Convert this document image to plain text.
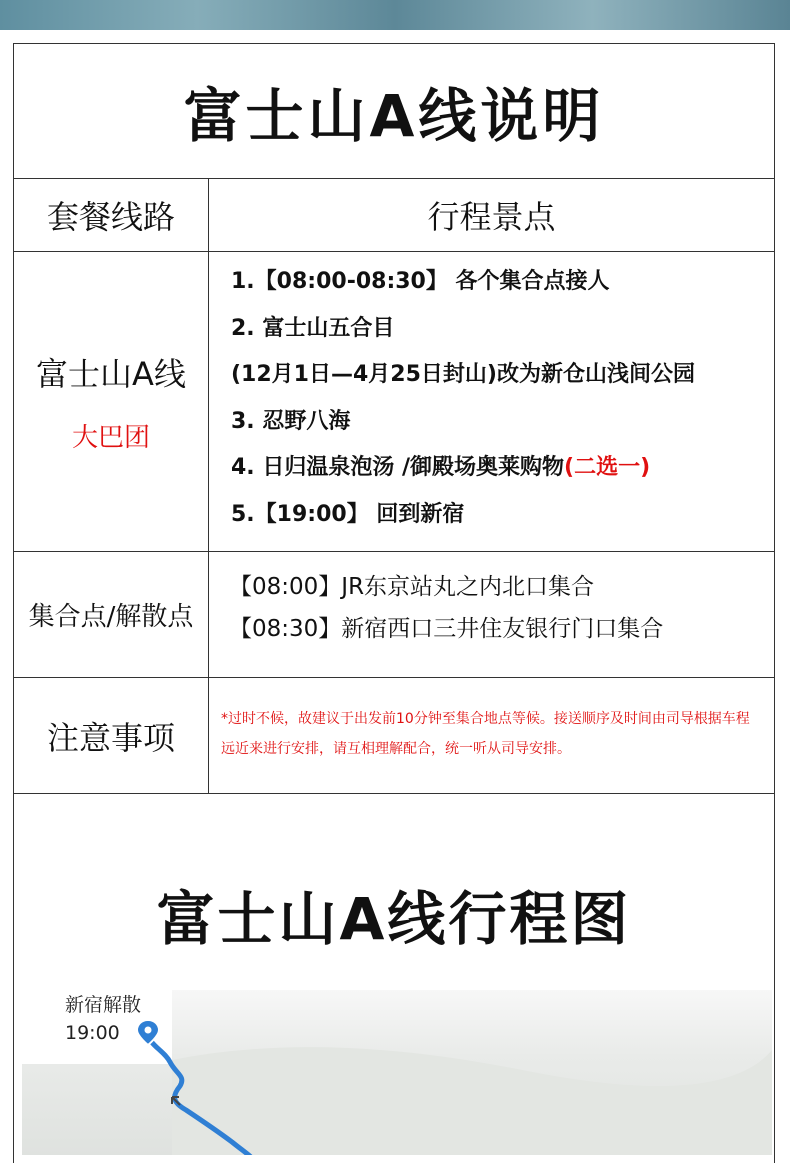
富士山A线说明
套餐线路	行程景点
富士山A线
大巴团
1.【08:00-08:30】 各个集合点接人
2. 富士山五合目
(12月1日—4月25日封山)改为新仓山浅间公园
3. 忍野八海
4. 日归温泉泡汤 /御殿场奥莱购物(二选一)
5.【19:00】 回到新宿
集合点/解散点
【08:00】JR东京站丸之内北口集合
【08:30】新宿西口三井住友银行门口集合
注意事项	*过时不候，故建议于出发前10分钟至集合地点等候。接送顺序及时间由司导根据车程远近来进行安排，请互相理解配合，统一听从司导安排。
富士山A线行程图
新宿解散
19:00
